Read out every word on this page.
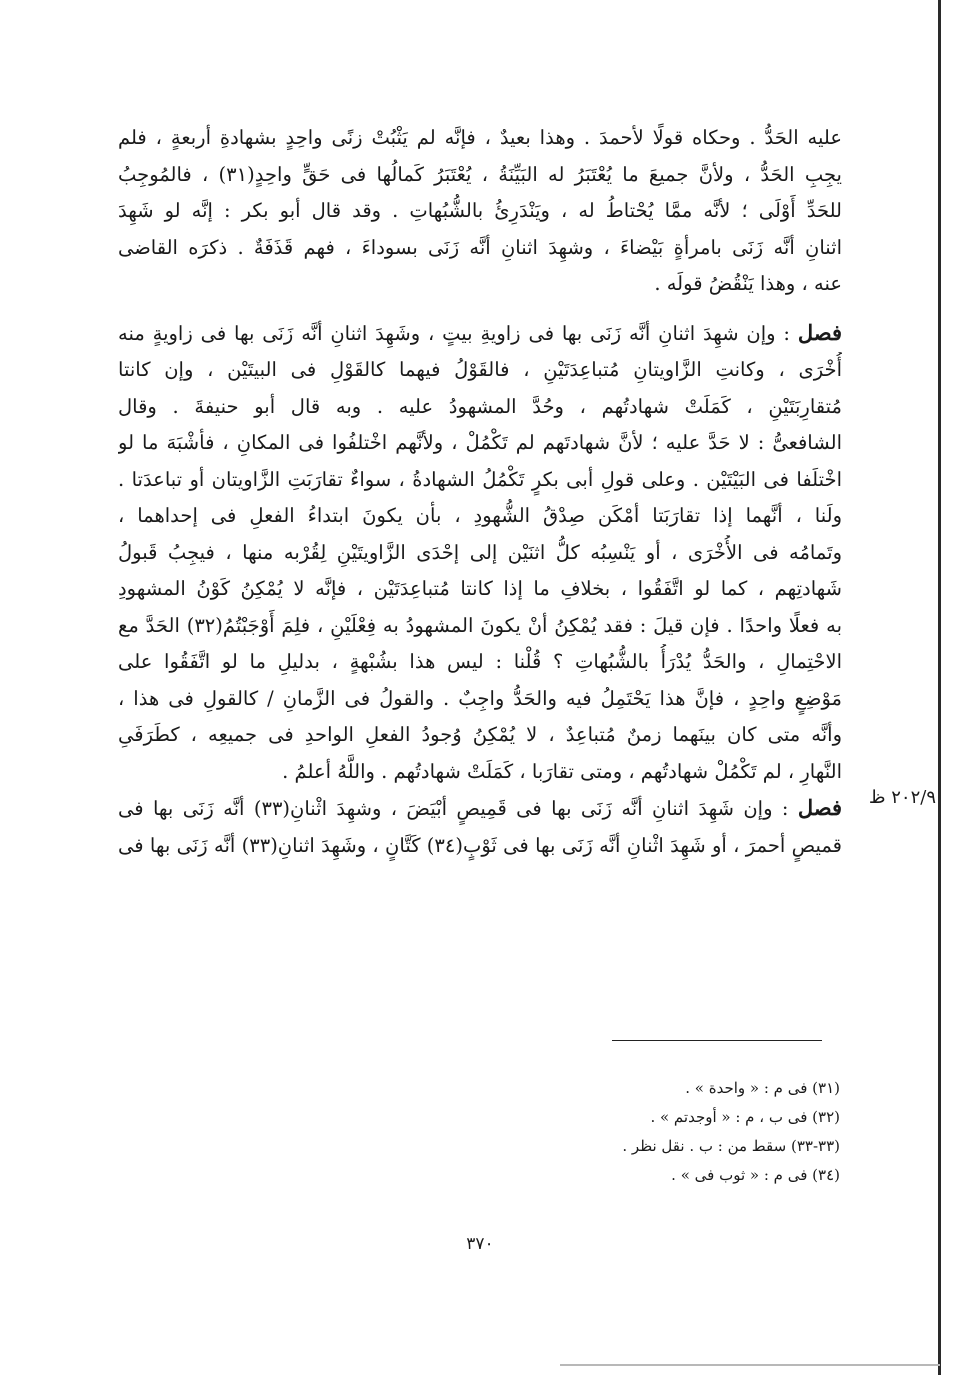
عليه الحَدُّ . وحكاه قولًا لأحمدَ . وهذا بعيدٌ ، فإنَّه لم يَثْبُتْ زنًى واحِدٍ بشهادةِ أربعةٍ ، فلم
يجِبِ الحَدُّ ، ولأنَّ جميعَ ما يُعْتَبَرُ له البَيِّنَةُ ، يُعْتَبَرُ كَمالُها فى حَقٍّ واحِدٍ(٣١) ، فالمُوجِبُ
للحَدِّ أَوْلَى ؛ لأنَّه ممَّا يُحْتاطُ له ، ويَنْدَرِئُ بالشُّبُهاتِ . وقد قال أبو بكر : إنَّه لو شَهِدَ
اثنانِ أنَّه زَنَى بامرأةٍ بَيْضاءَ ، وشهِدَ اثنانِ أنَّه زَنَى بسوداءَ ، فهم قَذَفَةٌ . ذكرَه القاضى
عنه ، وهذا يَنْقُضُ قولَه .

فصل : وإن شهِدَ اثنانِ أنَّه زَنَى بها فى زاويةِ بيتٍ ، وشَهِدَ اثنانِ أنَّه زَنَى بها فى زاويةٍ منه
أُخْرَى ، وكانتِ الزَّاويتانِ مُتباعِدَتَيْنِ ، فالقَوْلُ فيهما كالقَوْلِ فى البيتَيْن ، وإن كانتا
مُتقارِبَتَيْنِ ، كَمَلَتْ شهادتُهم ، وحُدَّ المشهودُ عليه . وبه قال أبو حنيفةَ . وقال
الشافعىُّ : لا حَدَّ عليه ؛ لأنَّ شهادتَهم لم تَكْمُلْ ، ولأنَّهم اخْتلفُوا فى المكانِ ، فأشْبَهَ ما لو
اخْتلَفا فى البَيْتَيْن . وعلى قولِ أبى بكرٍ تَكْمُلُ الشهادةُ ، سواءٌ تقارَبَتِ الزَّاويتان أو تباعدَتا .
ولَنا ، أنَّهما إذا تقارَبَتا أمْكَن صِدْقُ الشُّهودِ ، بأن يكونَ ابتداءُ الفعلِ فى إحداهما ،
وتَمامُه فى الأُخْرَى ، أو يَنْسِبُه كلُّ اثنَيْن إلى إحْدَى الزَّاويتَيْنِ لِقُرْبه منها ، فيجِبُ قَبولُ
شَهادتِهم ، كما لو اتَّفَقُوا ، بخلافِ ما إذا كانتا مُتباعِدَتَيْن ، فإنَّه لا يُمْكِنُ كَوْنُ المشهودِ
به فعلًا واحدًا . فإن قيلَ : فقد يُمْكِنُ أنْ يكونَ المشهودُ به فِعْلَيْنِ ، فلِمَ أَوْجَبْتُمُ(٣٢) الحَدَّ مع
الاحْتِمالِ ، والحَدُّ يُدْرَأُ بالشُّبُهاتِ ؟ قُلْنا : ليس هذا بشُبْهةٍ ، بدليلِ ما لو اتَّفَقُوا على
مَوْضِعٍ واحِدٍ ، فإنَّ هذا يَحْتَمِلُ فيه والحَدُّ واجِبٌ . والقولُ فى الزَّمانِ / كالقولِ فى هذا ،
وأنَّه متى كان بينَهما زمنٌ مُتباعِدٌ ، لا يُمْكِنُ وُجودُ الفعلِ الواحدِ فى جميعِه ، كطَرَفَىِ
النَّهارِ ، لم تَكْمُلْ شهادتُهم ، ومتى تقارَبا ، كَمَلَتْ شهادتُهم . واللَّهُ أعلمُ .

فصل : وإن شَهِدَ اثنانِ أنَّه زَنَى بها فى قَمِيصٍ أبْيَضَ ، وشهِدَ اثْنانِ(٣٣) أنَّه زَنَى بها فى
قميصٍ أحمرَ ، أو شَهِدَ اثْنانِ أنَّه زَنَى بها فى ثَوْبٍ(٣٤) كَتَّانٍ ، وشَهِدَ اثنانِ(٣٣) أنَّه زَنَى بها فى

٢٠٢/٩ ظ
(٣١) فى م : « واحدة » .
(٣٢) فى ب ، م : « أوجدتم » .
(٣٣-٣٣) سقط من : ب . نقل نظر .
(٣٤) فى م : « ثوب فى » .
٣٧٠
